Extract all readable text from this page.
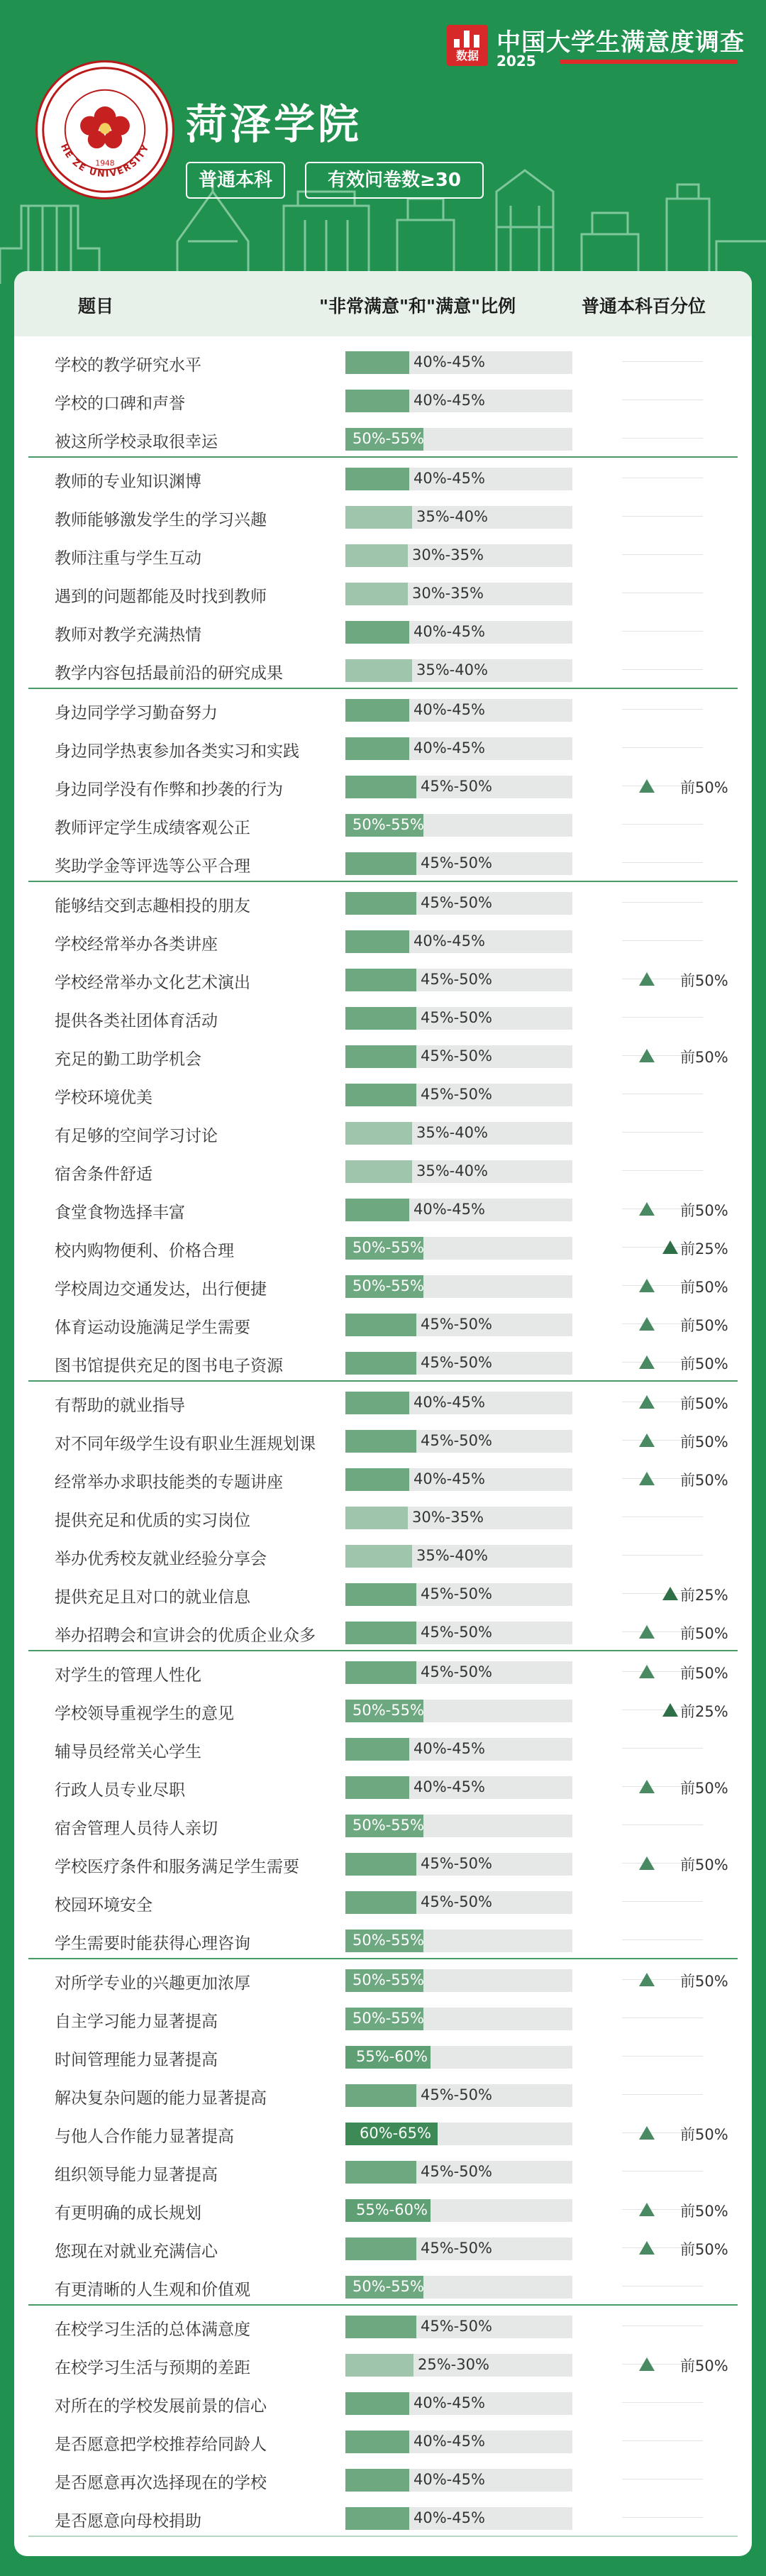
数据 中国大学生满意度调查
2025
HE ZE UNIVERSITY
1948
菏泽学院
普通本科	有效问卷数≥30
题目	"非常满意"和"满意"比例	普通本科百分位
学校的教学研究水平	40%-45%
学校的口碑和声誉	40%-45%
被这所学校录取很幸运	50%-55%
教师的专业知识渊博	40%-45%
教师能够激发学生的学习兴趣	35%-40%
教师注重与学生互动	30%-35%
遇到的问题都能及时找到教师	30%-35%
教师对教学充满热情	40%-45%
教学内容包括最前沿的研究成果	35%-40%
身边同学学习勤奋努力	40%-45%
身边同学热衷参加各类实习和实践	40%-45%
身边同学没有作弊和抄袭的行为	45%-50%	前50%
教师评定学生成绩客观公正	50%-55%
奖助学金等评选等公平合理	45%-50%
能够结交到志趣相投的朋友	45%-50%
学校经常举办各类讲座	40%-45%
学校经常举办文化艺术演出	45%-50%	前50%
提供各类社团体育活动	45%-50%
充足的勤工助学机会	45%-50%	前50%
学校环境优美	45%-50%
有足够的空间学习讨论	35%-40%
宿舍条件舒适	35%-40%
食堂食物选择丰富	40%-45%	前50%
校内购物便利、价格合理	50%-55%	前25%
学校周边交通发达，出行便捷	50%-55%	前50%
体育运动设施满足学生需要	45%-50%	前50%
图书馆提供充足的图书电子资源	45%-50%	前50%
有帮助的就业指导	40%-45%	前50%
对不同年级学生设有职业生涯规划课	45%-50%	前50%
经常举办求职技能类的专题讲座	40%-45%	前50%
提供充足和优质的实习岗位	30%-35%
举办优秀校友就业经验分享会	35%-40%
提供充足且对口的就业信息	45%-50%	前25%
举办招聘会和宣讲会的优质企业众多	45%-50%	前50%
对学生的管理人性化	45%-50%	前50%
学校领导重视学生的意见	50%-55%	前25%
辅导员经常关心学生	40%-45%
行政人员专业尽职	40%-45%	前50%
宿舍管理人员待人亲切	50%-55%
学校医疗条件和服务满足学生需要	45%-50%	前50%
校园环境安全	45%-50%
学生需要时能获得心理咨询	50%-55%
对所学专业的兴趣更加浓厚	50%-55%	前50%
自主学习能力显著提高	50%-55%
时间管理能力显著提高	55%-60%
解决复杂问题的能力显著提高	45%-50%
与他人合作能力显著提高	60%-65%	前50%
组织领导能力显著提高	45%-50%
有更明确的成长规划	55%-60%	前50%
您现在对就业充满信心	45%-50%	前50%
有更清晰的人生观和价值观	50%-55%
在校学习生活的总体满意度	45%-50%
在校学习生活与预期的差距	25%-30%	前50%
对所在的学校发展前景的信心	40%-45%
是否愿意把学校推荐给同龄人	40%-45%
是否愿意再次选择现在的学校	40%-45%
是否愿意向母校捐助	40%-45%
